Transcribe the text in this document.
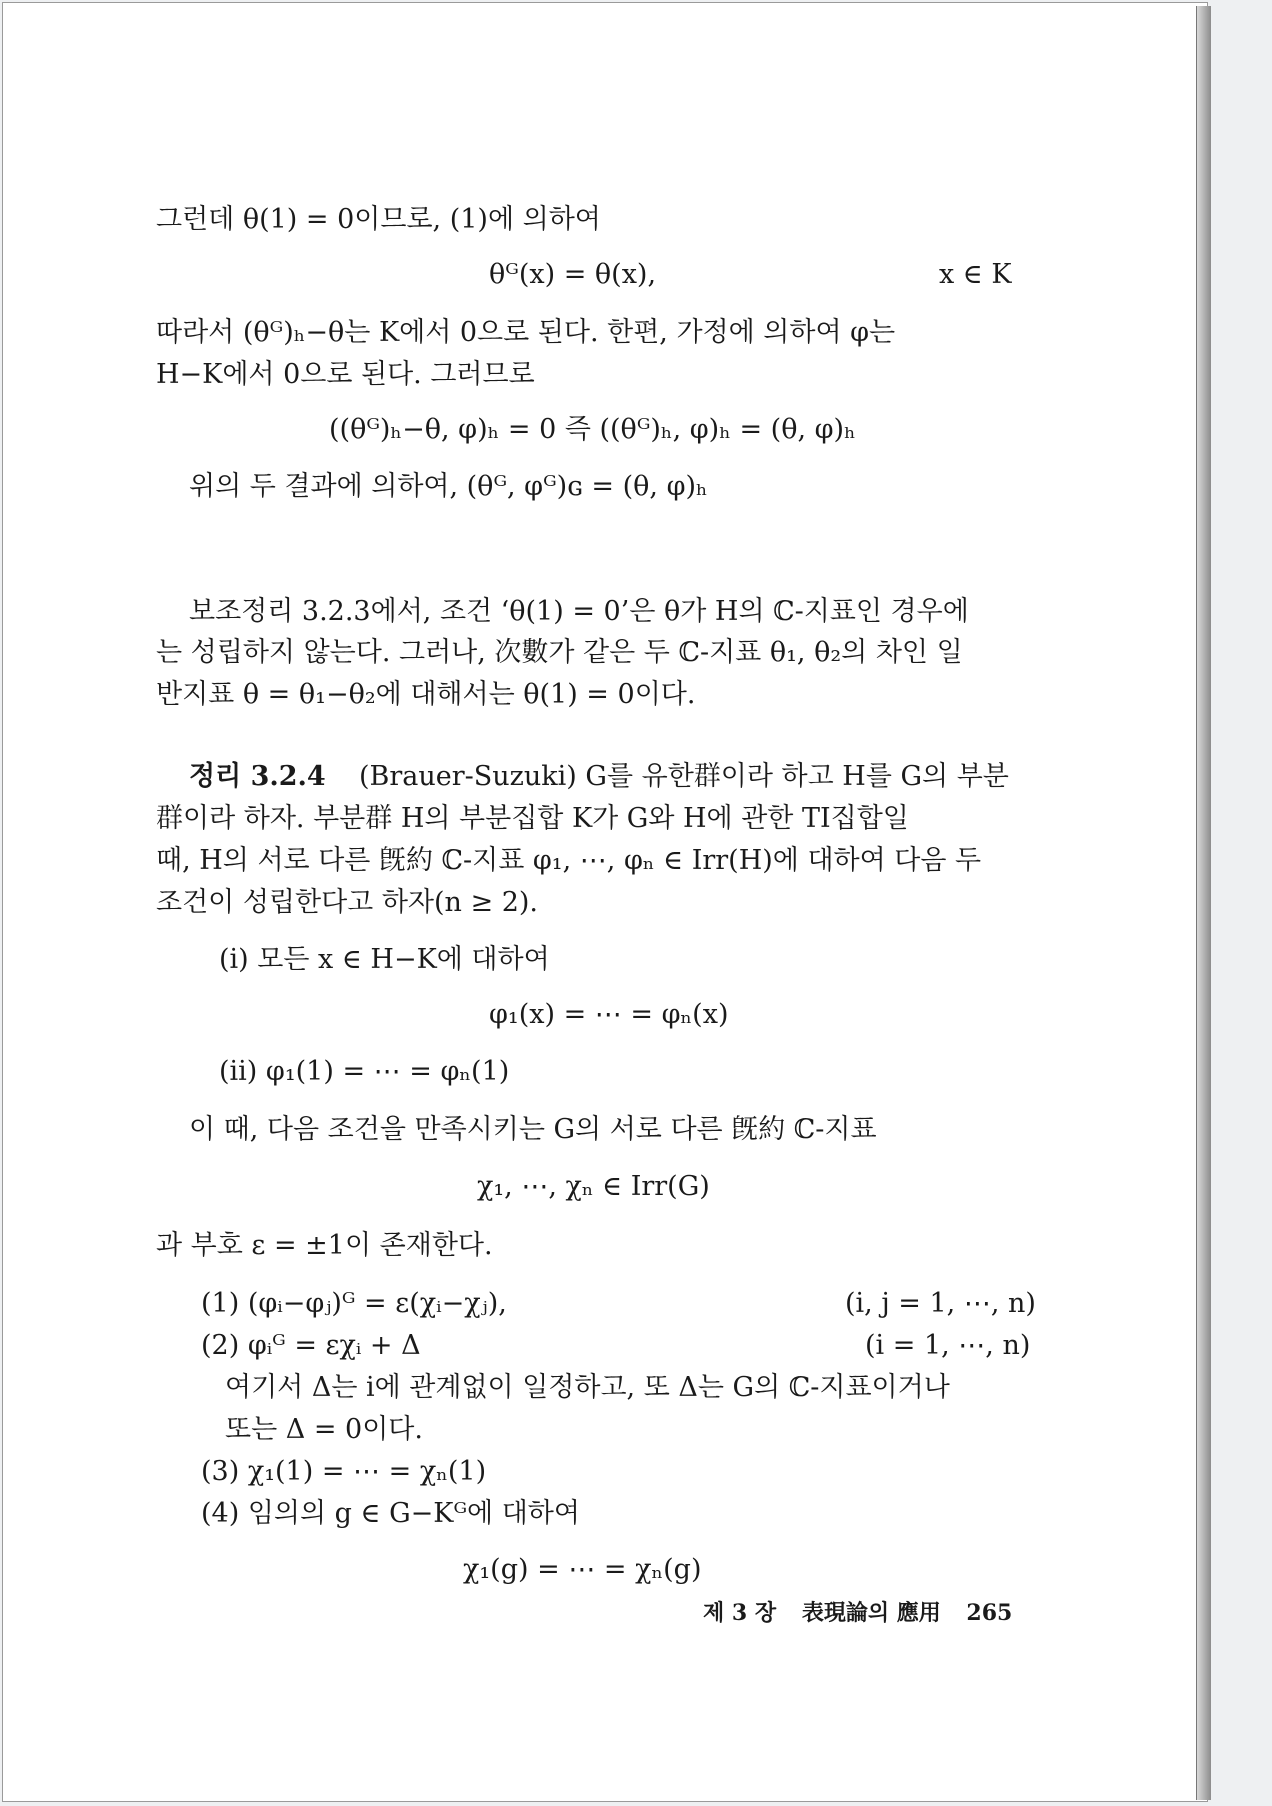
그런데 θ(1) = 0이므로, (1)에 의하여
θᴳ(x) = θ(x),	x ∈ K
따라서 (θᴳ)ₕ−θ는 K에서 0으로 된다. 한편, 가정에 의하여 φ는
H−K에서 0으로 된다. 그러므로
((θᴳ)ₕ−θ, φ)ₕ = 0 즉 ((θᴳ)ₕ, φ)ₕ = (θ, φ)ₕ
위의 두 결과에 의하여, (θᴳ, φᴳ)ɢ = (θ, φ)ₕ
보조정리 3.2.3에서, 조건 ‘θ(1) = 0’은 θ가 H의 ℂ-지표인 경우에
는 성립하지 않는다. 그러나, 次數가 같은 두 ℂ-지표 θ₁, θ₂의 차인 일
반지표 θ = θ₁−θ₂에 대해서는 θ(1) = 0이다.
정리 3.2.4 (Brauer-Suzuki) G를 유한群이라 하고 H를 G의 부분
群이라 하자. 부분群 H의 부분집합 K가 G와 H에 관한 TI집합일
때, H의 서로 다른 旣約 ℂ-지표 φ₁, ⋯, φₙ ∈ Irr(H)에 대하여 다음 두
조건이 성립한다고 하자(n ≥ 2).
(i) 모든 x ∈ H−K에 대하여
φ₁(x) = ⋯ = φₙ(x)
(ii) φ₁(1) = ⋯ = φₙ(1)
이 때, 다음 조건을 만족시키는 G의 서로 다른 旣約 ℂ-지표
χ₁, ⋯, χₙ ∈ Irr(G)
과 부호 ε = ±1이 존재한다.
(1) (φᵢ−φⱼ)ᴳ = ε(χᵢ−χⱼ),	(i, j = 1, ⋯, n)
(2) φᵢᴳ = εχᵢ + Δ	(i = 1, ⋯, n)
여기서 Δ는 i에 관계없이 일정하고, 또 Δ는 G의 ℂ-지표이거나
또는 Δ = 0이다.
(3) χ₁(1) = ⋯ = χₙ(1)
(4) 임의의 g ∈ G−Kᴳ에 대하여
χ₁(g) = ⋯ = χₙ(g)
제 3 장 表現論의 應用 265
